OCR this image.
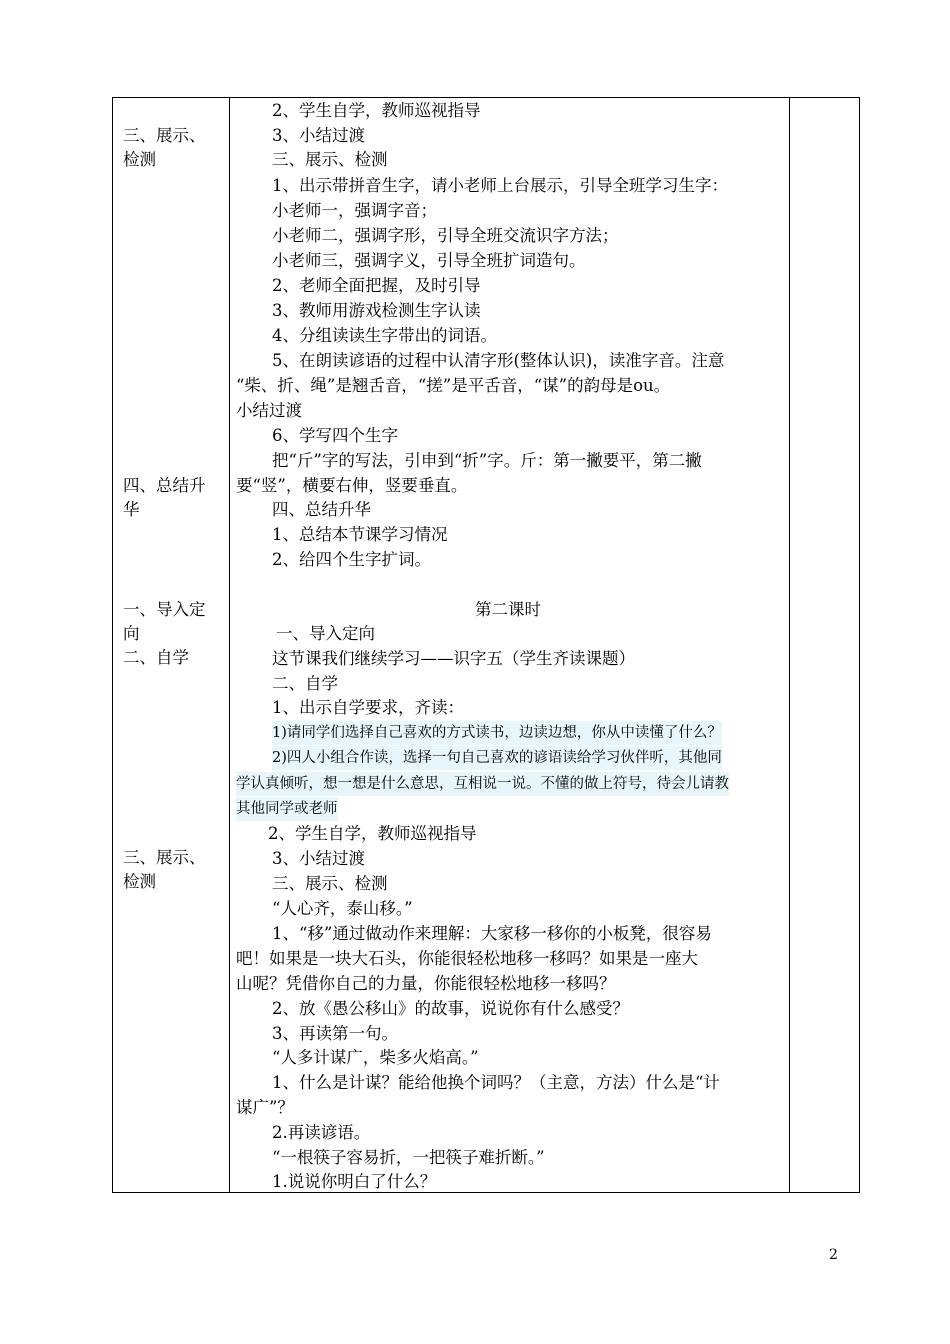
三、展示、
检测
四、总结升
华
一、导入定
向
二、自学
三、展示、
检测
2、学生自学，教师巡视指导
3、小结过渡
三、展示、检测
1、出示带拼音生字，请小老师上台展示，引导全班学习生字：
小老师一，强调字音；
小老师二，强调字形，引导全班交流识字方法；
小老师三，强调字义，引导全班扩词造句。
2、老师全面把握，及时引导
3、教师用游戏检测生字认读
4、分组读读生字带出的词语。
5、在朗读谚语的过程中认清字形(整体认识)，读准字音。注意
“柴、折、绳”是翘舌音，“搓”是平舌音，“谋”的韵母是ou。
小结过渡
6、学写四个生字
把“斤”字的写法，引申到“折”字。斤：第一撇要平，第二撇
要“竖”，横要右伸，竖要垂直。
四、总结升华
1、总结本节课学习情况
2、给四个生字扩词。
第二课时
一、导入定向
这节课我们继续学习——识字五（学生齐读课题）
二、自学
1、出示自学要求，齐读：
1)请同学们选择自己喜欢的方式读书，边读边想，你从中读懂了什么？
2)四人小组合作读，选择一句自己喜欢的谚语读给学习伙伴听，其他同
学认真倾听，想一想是什么意思，互相说一说。不懂的做上符号，待会儿请教
其他同学或老师
2、学生自学，教师巡视指导
3、小结过渡
三、展示、检测
“人心齐，泰山移。”
1、“移”通过做动作来理解：大家移一移你的小板凳，很容易
吧！如果是一块大石头，你能很轻松地移一移吗？如果是一座大
山呢？凭借你自己的力量，你能很轻松地移一移吗？
2、放《愚公移山》的故事，说说你有什么感受？
3、再读第一句。
“人多计谋广，柴多火焰高。”
1、什么是计谋？能给他换个词吗？（主意，方法）什么是“计
谋广”？
2.再读谚语。
“一根筷子容易折，一把筷子难折断。”
1.说说你明白了什么？
2
